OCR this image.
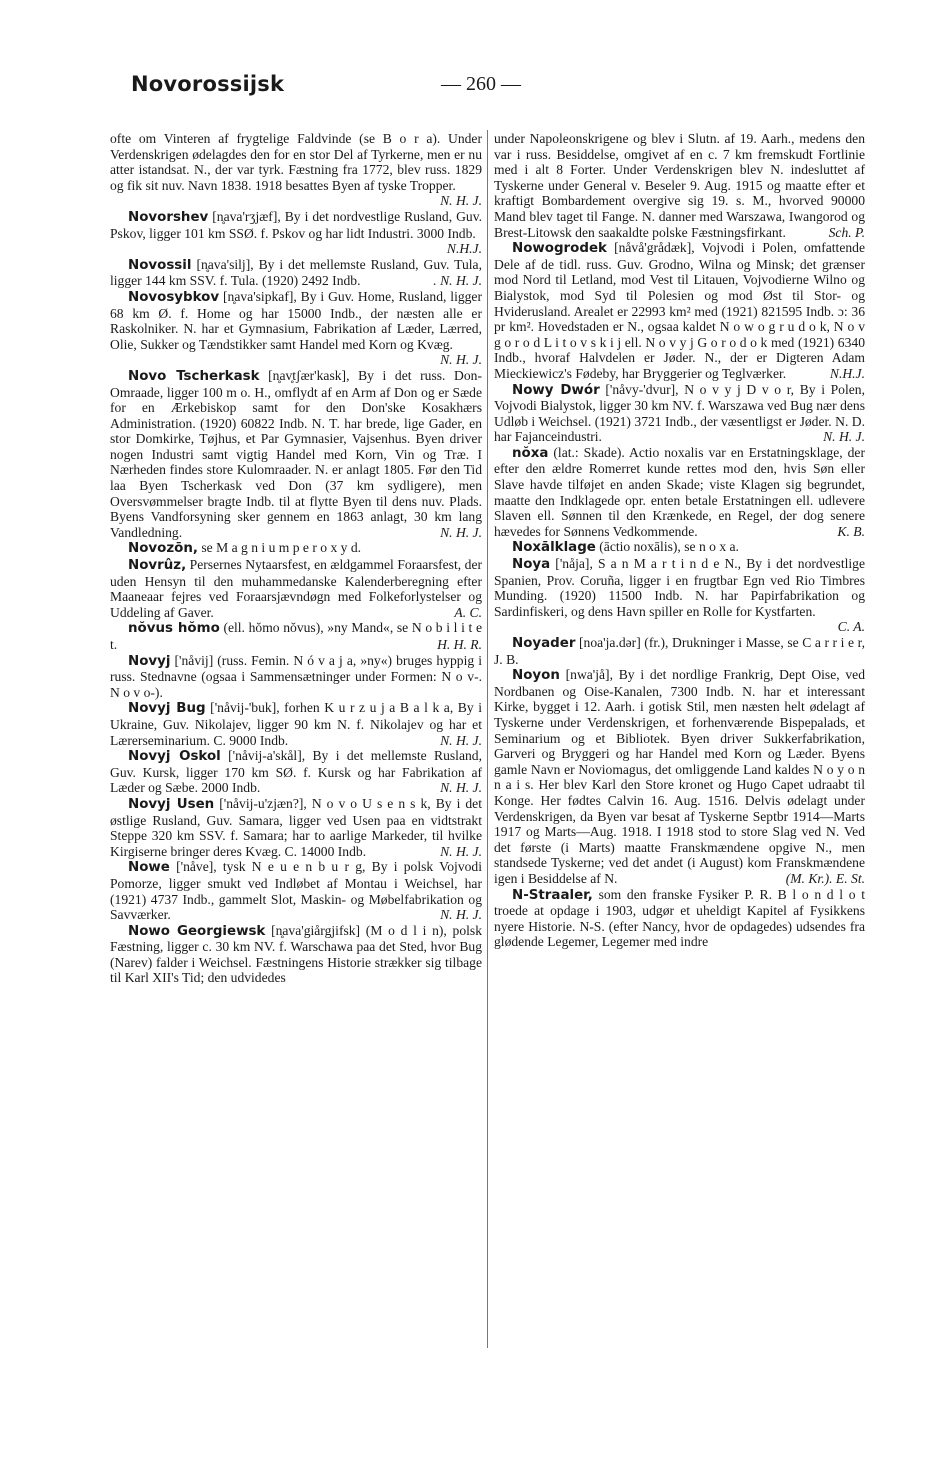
Novorossijsk	— 260 —

ofte om Vinteren af frygtelige Faldvinde (se B o r a). Under Verdenskrigen ødelagdes den for en stor Del af Tyrkerne, men er nu atter istandsat. N., der var tyrk. Fæstning fra 1772, blev russ. 1829 og fik sit nuv. Navn 1838. 1918 besattes Byen af tyske Tropper.
N. H. J.

Novorshev [n̥ava'rʒjæf], By i det nordvestlige Rusland, Guv. Pskov, ligger 101 km SSØ. f. Pskov og har lidt Industri. 3000 Indb.
N.H.J.

Novossil [n̥ava'silj], By i det mellemste Rusland, Guv. Tula, ligger 144 km SSV. f. Tula. (1920) 2492 Indb.	. N. H. J.

Novosybkov [n̥ava'sipkaf], By i Guv. Home, Rusland, ligger 68 km Ø. f. Home og har 15000 Indb., der næsten alle er Raskolniker. N. har et Gymnasium, Fabrikation af Læder, Lærred, Olie, Sukker og Tændstikker samt Handel med Korn og Kvæg.
N. H. J.

Novo Tscherkask [n̥av̥tʃær'kask], By i det russ. Don-Omraade, ligger 100 m o. H., omflydt af en Arm af Don og er Sæde for en Ærkebiskop samt for den Don'ske Kosakhærs Administration. (1920) 60822 Indb. N. T. har brede, lige Gader, en stor Domkirke, Tøjhus, et Par Gymnasier, Vajsenhus. Byen driver nogen Industri samt vigtig Handel med Korn, Vin og Træ. I Nærheden findes store Kulomraader. N. er anlagt 1805. Før den Tid laa Byen Tscherkask ved Don (37 km sydligere), men Oversvømmelser bragte Indb. til at flytte Byen til dens nuv. Plads. Byens Vandforsyning sker gennem en 1863 anlagt, 30 km lang Vandledning.	N. H. J.

Novozōn, se M a g n i u m p e r o x y d.

Novrûz, Persernes Nytaarsfest, en ældgammel Foraarsfest, der uden Hensyn til den muhammedanske Kalenderberegning efter Maaneaar fejres ved Foraarsjævndøgn med Folkeforlystelser og Uddeling af Gaver.	A. C.

nŏvus hŏmo (ell. hŏmo nŏvus), »ny Mand«, se N o b i l i t e t.	H. H. R.

Novyj ['nåvij] (russ. Femin. N ó v a j a, »ny«) bruges hyppig i russ. Stednavne (ogsaa i Sammensætninger under Formen: N o v-. N o v o-).

Novyj Bug ['nåvij-'buk], forhen K u r z u j a B a l k a, By i Ukraine, Guv. Nikolajev, ligger 90 km N. f. Nikolajev og har et Lærerseminarium. C. 9000 Indb.	N. H. J.

Novyj Oskol ['nåvij-a'skål], By i det mellemste Rusland, Guv. Kursk, ligger 170 km SØ. f. Kursk og har Fabrikation af Læder og Sæbe. 2000 Indb.	N. H. J.

Novyj Usen ['nåvij-u'zjæn?], N o v o U s e n s k, By i det østlige Rusland, Guv. Samara, ligger ved Usen paa en vidtstrakt Steppe 320 km SSV. f. Samara; har to aarlige Markeder, til hvilke Kirgiserne bringer deres Kvæg. C. 14000 Indb.	N. H. J.

Nowe ['nåve], tysk N e u e n b u r g, By i polsk Vojvodi Pomorze, ligger smukt ved Indløbet af Montau i Weichsel, har (1921) 4737 Indb., gammelt Slot, Maskin- og Møbelfabrikation og Savværker.	N. H. J.

Nowo Georgiewsk [n̥ava'giårgjifsk] (M o d l i n), polsk Fæstning, ligger c. 30 km NV. f. Warschawa paa det Sted, hvor Bug (Narev) falder i Weichsel. Fæstningens Historie strækker sig tilbage til Karl XII's Tid; den udvidedes

under Napoleonskrigene og blev i Slutn. af 19. Aarh., medens den var i russ. Besiddelse, omgivet af en c. 7 km fremskudt Fortlinie med i alt 8 Forter. Under Verdenskrigen blev N. indesluttet af Tyskerne under General v. Beseler 9. Aug. 1915 og maatte efter et kraftigt Bombardement overgive sig 19. s. M., hvorved 90000 Mand blev taget til Fange. N. danner med Warszawa, Iwangorod og Brest-Litowsk den saakaldte polske Fæstningsfirkant.	Sch. P.

Nowogrodek [nåvå'grådæk], Vojvodi i Polen, omfattende Dele af de tidl. russ. Guv. Grodno, Wilna og Minsk; det grænser mod Nord til Letland, mod Vest til Litauen, Vojvodierne Wilno og Bialystok, mod Syd til Polesien og mod Øst til Stor- og Hviderusland. Arealet er 22993 km² med (1921) 821595 Indb. ɔ: 36 pr km². Hovedstaden er N., ogsaa kaldet N o w o g r u d o k, N o v g o r o d L i t o v s k i j ell. N o v y j G o r o d o k med (1921) 6340 Indb., hvoraf Halvdelen er Jøder. N., der er Digteren Adam Mieckiewicz's Fødeby, har Bryggerier og Teglværker.	N.H.J.

Nowy Dwór ['nåvy-'dvur], N o v y j D v o r, By i Polen, Vojvodi Bialystok, ligger 30 km NV. f. Warszawa ved Bug nær dens Udløb i Weichsel. (1921) 3721 Indb., der væsentligst er Jøder. N. D. har Fajanceindustri.	N. H. J.

nŏxa (lat.: Skade). Actio noxalis var en Erstatningsklage, der efter den ældre Romerret kunde rettes mod den, hvis Søn eller Slave havde tilføjet en anden Skade; viste Klagen sig begrundet, maatte den Indklagede opr. enten betale Erstatningen ell. udlevere Slaven ell. Sønnen til den Krænkede, en Regel, der dog senere hævedes for Sønnens Vedkommende.	K. B.

Noxālklage (āctio noxālis), se n o x a.

Noya ['nåja], S a n M a r t i n d e N., By i det nordvestlige Spanien, Prov. Coruña, ligger i en frugtbar Egn ved Rio Timbres Munding. (1920) 11500 Indb. N. har Papirfabrikation og Sardinfiskeri, og dens Havn spiller en Rolle for Kystfarten.
C. A.

Noyader [noa'ja.dər] (fr.), Drukninger i Masse, se C a r r i e r, J. B.

Noyon [nwa'jå], By i det nordlige Frankrig, Dept Oise, ved Nordbanen og Oise-Kanalen, 7300 Indb. N. har et interessant Kirke, bygget i 12. Aarh. i gotisk Stil, men næsten helt ødelagt af Tyskerne under Verdenskrigen, et forhenværende Bispepalads, et Seminarium og et Bibliotek. Byen driver Sukkerfabrikation, Garveri og Bryggeri og har Handel med Korn og Læder. Byens gamle Navn er Noviomagus, det omliggende Land kaldes N o y o n n a i s. Her blev Karl den Store kronet og Hugo Capet udraabt til Konge. Her fødtes Calvin 16. Aug. 1516. Delvis ødelagt under Verdenskrigen, da Byen var besat af Tyskerne Septbr 1914—Marts 1917 og Marts—Aug. 1918. I 1918 stod to store Slag ved N. Ved det første (i Marts) maatte Franskmændene opgive N., men standsede Tyskerne; ved det andet (i August) kom Franskmændene igen i Besiddelse af N.	(M. Kr.). E. St.

N-Straaler, som den franske Fysiker P. R. B l o n d l o t troede at opdage i 1903, udgør et uheldigt Kapitel af Fysikkens nyere Historie. N-S. (efter Nancy, hvor de opdagedes) udsendes fra glødende Legemer, Legemer med indre
